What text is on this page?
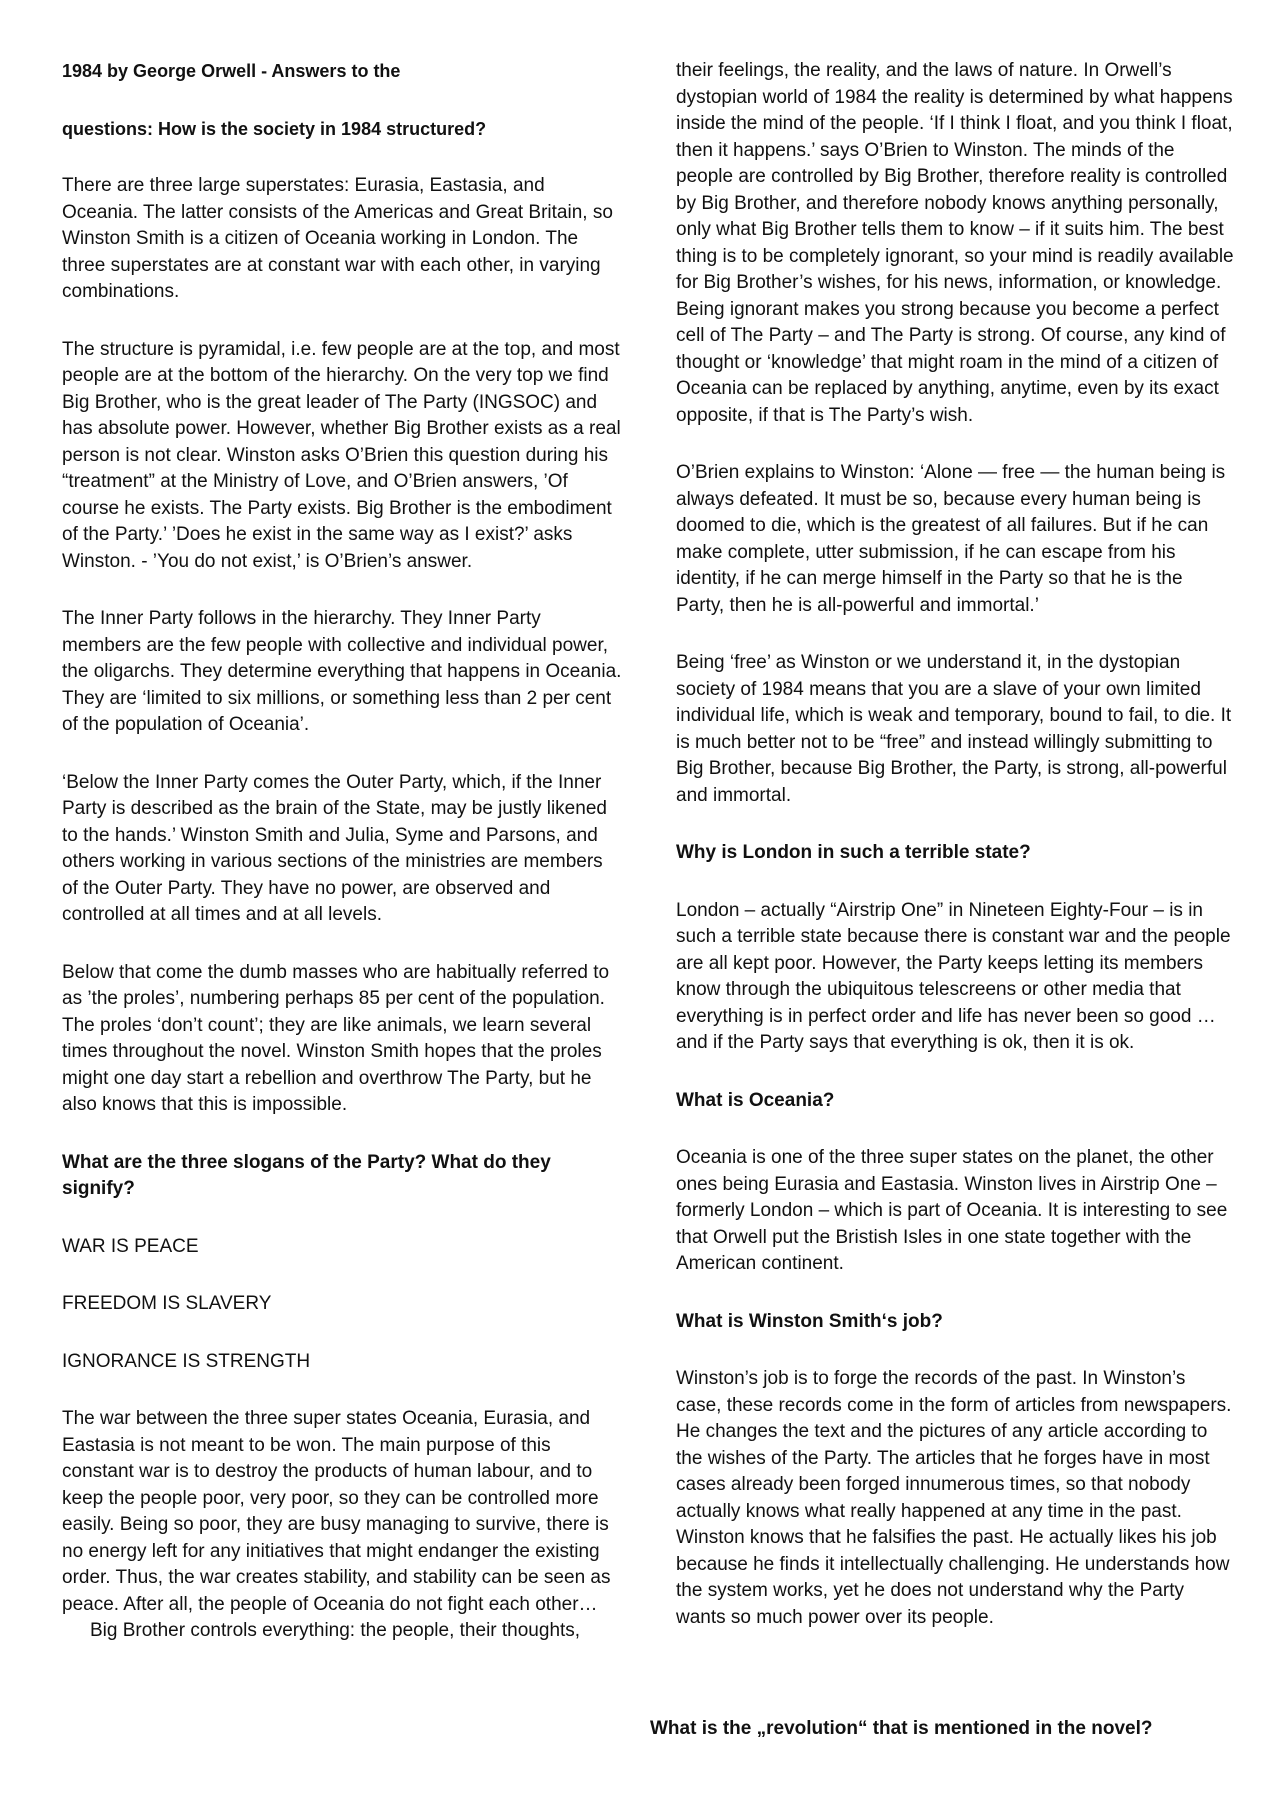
1984 by George Orwell - Answers to the

questions: How is the society in 1984 structured?

There are three large superstates: Eurasia, Eastasia, and Oceania. The latter consists of the Americas and Great Britain, so Winston Smith is a citizen of Oceania working in London. The three superstates are at constant war with each other, in varying combinations.

The structure is pyramidal, i.e. few people are at the top, and most people are at the bottom of the hierarchy. On the very top we find Big Brother, who is the great leader of The Party (INGSOC) and has absolute power. However, whether Big Brother exists as a real person is not clear. Winston asks O’Brien this question during his “treatment” at the Ministry of Love, and O’Brien answers, ’Of course he exists. The Party exists. Big Brother is the embodiment of the Party.’ ’Does he exist in the same way as I exist?’ asks Winston. - ’You do not exist,’ is O’Brien’s answer.

The Inner Party follows in the hierarchy. They Inner Party members are the few people with collective and individual power, the oligarchs. They determine everything that happens in Oceania. They are ‘limited to six millions, or something less than 2 per cent of the population of Oceania’.

‘Below the Inner Party comes the Outer Party, which, if the Inner Party is described as the brain of the State, may be justly likened to the hands.’ Winston Smith and Julia, Syme and Parsons, and others working in various sections of the ministries are members of the Outer Party. They have no power, are observed and controlled at all times and at all levels.

Below that come the dumb masses who are habitually referred to as ’the proles’, numbering perhaps 85 per cent of the population. The proles ‘don’t count’; they are like animals, we learn several times throughout the novel. Winston Smith hopes that the proles might one day start a rebellion and overthrow The Party, but he also knows that this is impossible.

What are the three slogans of the Party? What do they signify?

WAR IS PEACE

FREEDOM IS SLAVERY

IGNORANCE IS STRENGTH

The war between the three super states Oceania, Eurasia, and Eastasia is not meant to be won. The main purpose of this constant war is to destroy the products of human labour, and to keep the people poor, very poor, so they can be controlled more easily. Being so poor, they are busy managing to survive, there is no energy left for any initiatives that might endanger the existing order. Thus, the war creates stability, and stability can be seen as peace. After all, the people of Oceania do not fight each other…

Big Brother controls everything: the people, their thoughts,

their feelings, the reality, and the laws of nature. In Orwell’s dystopian world of 1984 the reality is determined by what happens inside the mind of the people. ‘If I think I float, and you think I float, then it happens.’ says O’Brien to Winston. The minds of the people are controlled by Big Brother, therefore reality is controlled by Big Brother, and therefore nobody knows anything personally, only what Big Brother tells them to know – if it suits him. The best thing is to be completely ignorant, so your mind is readily available for Big Brother’s wishes, for his news, information, or knowledge. Being ignorant makes you strong because you become a perfect cell of The Party – and The Party is strong. Of course, any kind of thought or ‘knowledge’ that might roam in the mind of a citizen of Oceania can be replaced by anything, anytime, even by its exact opposite, if that is The Party’s wish.

O’Brien explains to Winston: ‘Alone — free — the human being is always defeated. It must be so, because every human being is doomed to die, which is the greatest of all failures. But if he can make complete, utter submission, if he can escape from his identity, if he can merge himself in the Party so that he is the Party, then he is all-powerful and immortal.’

Being ‘free’ as Winston or we understand it, in the dystopian society of 1984 means that you are a slave of your own limited individual life, which is weak and temporary, bound to fail, to die. It is much better not to be “free” and instead willingly submitting to Big Brother, because Big Brother, the Party, is strong, all-powerful and immortal.

Why is London in such a terrible state?

London – actually “Airstrip One” in Nineteen Eighty-Four – is in such a terrible state because there is constant war and the people are all kept poor. However, the Party keeps letting its members know through the ubiquitous telescreens or other media that everything is in perfect order and life has never been so good … and if the Party says that everything is ok, then it is ok.

What is Oceania?

Oceania is one of the three super states on the planet, the other ones being Eurasia and Eastasia. Winston lives in Airstrip One – formerly London – which is part of Oceania. It is interesting to see that Orwell put the Bristish Isles in one state together with the American continent.

What is Winston Smith‘s job?

Winston’s job is to forge the records of the past. In Winston’s case, these records come in the form of articles from newspapers. He changes the text and the pictures of any article according to the wishes of the Party. The articles that he forges have in most cases already been forged innumerous times, so that nobody actually knows what really happened at any time in the past. Winston knows that he falsifies the past. He actually likes his job because he finds it intellectually challenging. He understands how the system works, yet he does not understand why the Party wants so much power over its people.

What is the „revolution“ that is mentioned in the novel?
